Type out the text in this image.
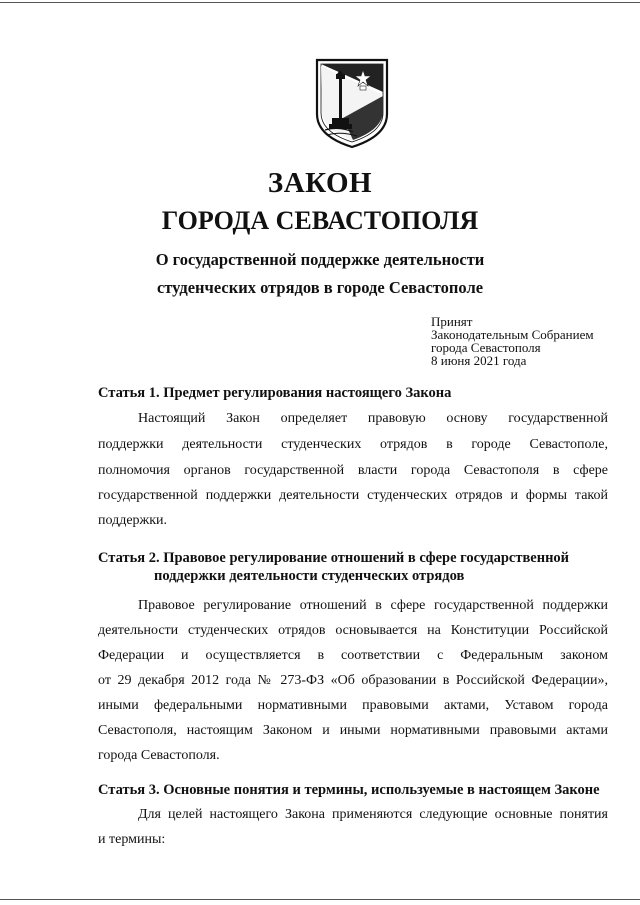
ЗАКОН
ГОРОДА СЕВАСТОПОЛЯ
О государственной поддержке деятельности
студенческих отрядов в городе Севастополе
Принят
Законодательным Собранием
города Севастополя
8 июня 2021 года
Статья 1. Предмет регулирования настоящего Закона
Настоящий Закон определяет правовую основу государственной
поддержки деятельности студенческих отрядов в городе Севастополе,
полномочия органов государственной власти города Севастополя в сфере
государственной поддержки деятельности студенческих отрядов и формы такой
поддержки.
Статья 2. Правовое регулирование отношений в сфере государственной
поддержки деятельности студенческих отрядов
Правовое регулирование отношений в сфере государственной поддержки
деятельности студенческих отрядов основывается на Конституции Российской
Федерации и осуществляется в соответствии с Федеральным законом
от 29 декабря 2012 года № 273-ФЗ «Об образовании в Российской Федерации»,
иными федеральными нормативными правовыми актами, Уставом города
Севастополя, настоящим Законом и иными нормативными правовыми актами
города Севастополя.
Статья 3. Основные понятия и термины, используемые в настоящем Законе
Для целей настоящего Закона применяются следующие основные понятия
и термины:
